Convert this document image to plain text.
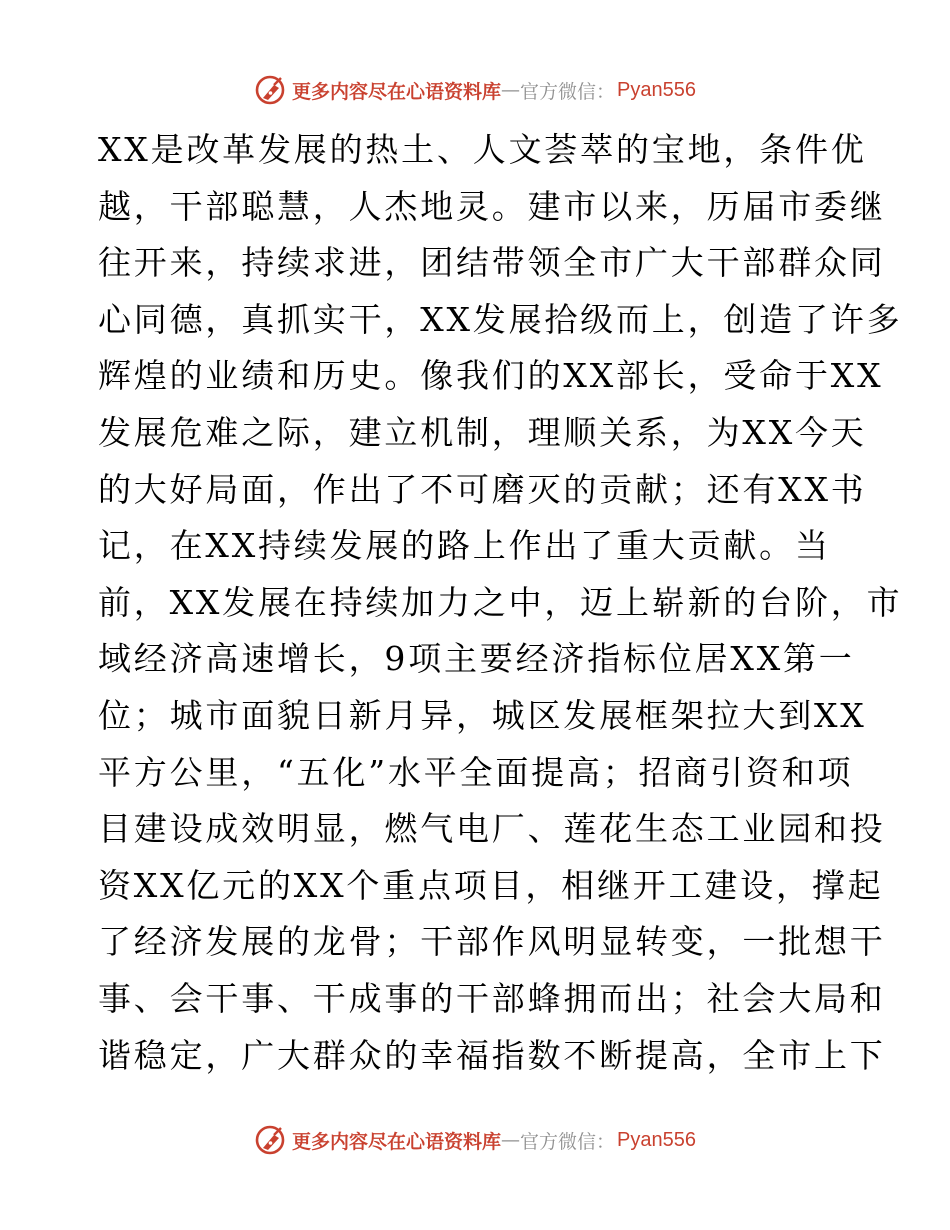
更多内容尽在心语资料库 — 官方微信： Pyan556
XX是改革发展的热土、人文荟萃的宝地，条件优
越，干部聪慧，人杰地灵。建市以来，历届市委继
往开来，持续求进，团结带领全市广大干部群众同
心同德，真抓实干，XX发展拾级而上，创造了许多
辉煌的业绩和历史。像我们的XX部长，受命于XX
发展危难之际，建立机制，理顺关系，为XX今天
的大好局面，作出了不可磨灭的贡献；还有XX书
记，在XX持续发展的路上作出了重大贡献。当
前，XX发展在持续加力之中，迈上崭新的台阶，市
域经济高速增长，9项主要经济指标位居XX第一
位；城市面貌日新月异，城区发展框架拉大到XX
平方公里，“五化”水平全面提高；招商引资和项
目建设成效明显，燃气电厂、莲花生态工业园和投
资XX亿元的XX个重点项目，相继开工建设，撑起
了经济发展的龙骨；干部作风明显转变，一批想干
事、会干事、干成事的干部蜂拥而出；社会大局和
谐稳定，广大群众的幸福指数不断提高，全市上下
更多内容尽在心语资料库 — 官方微信： Pyan556
